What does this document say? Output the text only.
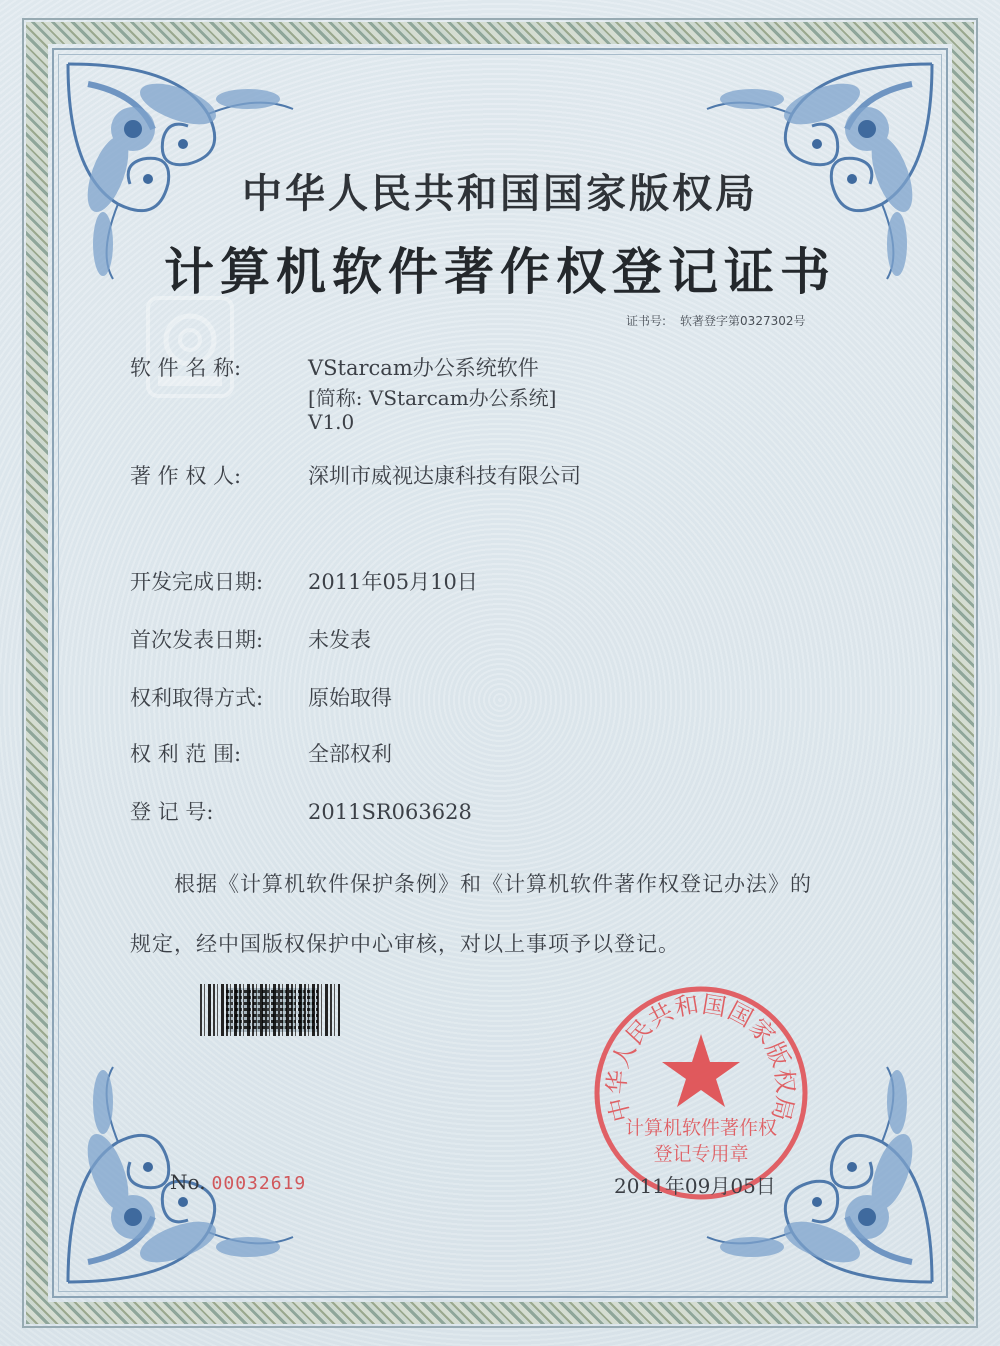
中华人民共和国国家版权局
计算机软件著作权登记证书
证书号: 软著登字第0327302号
软 件 名 称:	VStarcam办公系统软件
[简称: VStarcam办公系统]
V1.0
著 作 权 人:	深圳市威视达康科技有限公司
开发完成日期: 2011年05月10日
首次发表日期: 未发表
权利取得方式: 原始取得
权 利 范 围:	全部权利
登 记 号:	2011SR063628
根据《计算机软件保护条例》和《计算机软件著作权登记办法》的
规定，经中国版权保护中心审核，对以上事项予以登记。
中华人民共和国国家版权局
计算机软件著作权
登记专用章
No. 00032619	2011年09月05日
